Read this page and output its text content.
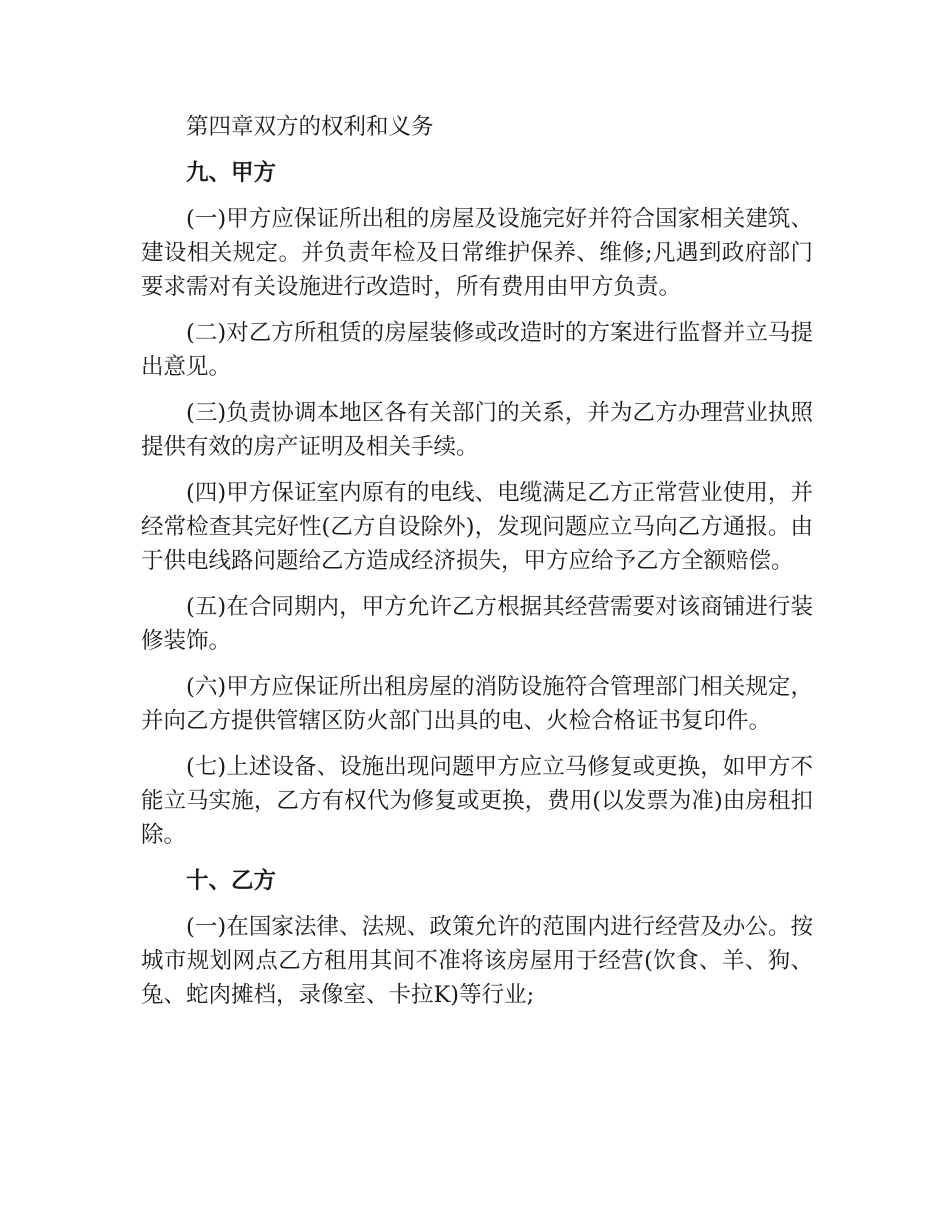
第四章双方的权利和义务

九、甲方

(一)甲方应保证所出租的房屋及设施完好并符合国家相关建筑、建设相关规定。并负责年检及日常维护保养、维修;凡遇到政府部门要求需对有关设施进行改造时，所有费用由甲方负责。

(二)对乙方所租赁的房屋装修或改造时的方案进行监督并立马提出意见。

(三)负责协调本地区各有关部门的关系，并为乙方办理营业执照提供有效的房产证明及相关手续。

(四)甲方保证室内原有的电线、电缆满足乙方正常营业使用，并经常检查其完好性(乙方自设除外)，发现问题应立马向乙方通报。由于供电线路问题给乙方造成经济损失，甲方应给予乙方全额赔偿。

(五)在合同期内，甲方允许乙方根据其经营需要对该商铺进行装修装饰。

(六)甲方应保证所出租房屋的消防设施符合管理部门相关规定，并向乙方提供管辖区防火部门出具的电、火检合格证书复印件。

(七)上述设备、设施出现问题甲方应立马修复或更换，如甲方不能立马实施，乙方有权代为修复或更换，费用(以发票为准)由房租扣除。

十、乙方

(一)在国家法律、法规、政策允许的范围内进行经营及办公。按城市规划网点乙方租用其间不准将该房屋用于经营(饮食、羊、狗、兔、蛇肉摊档，录像室、卡拉K)等行业;
